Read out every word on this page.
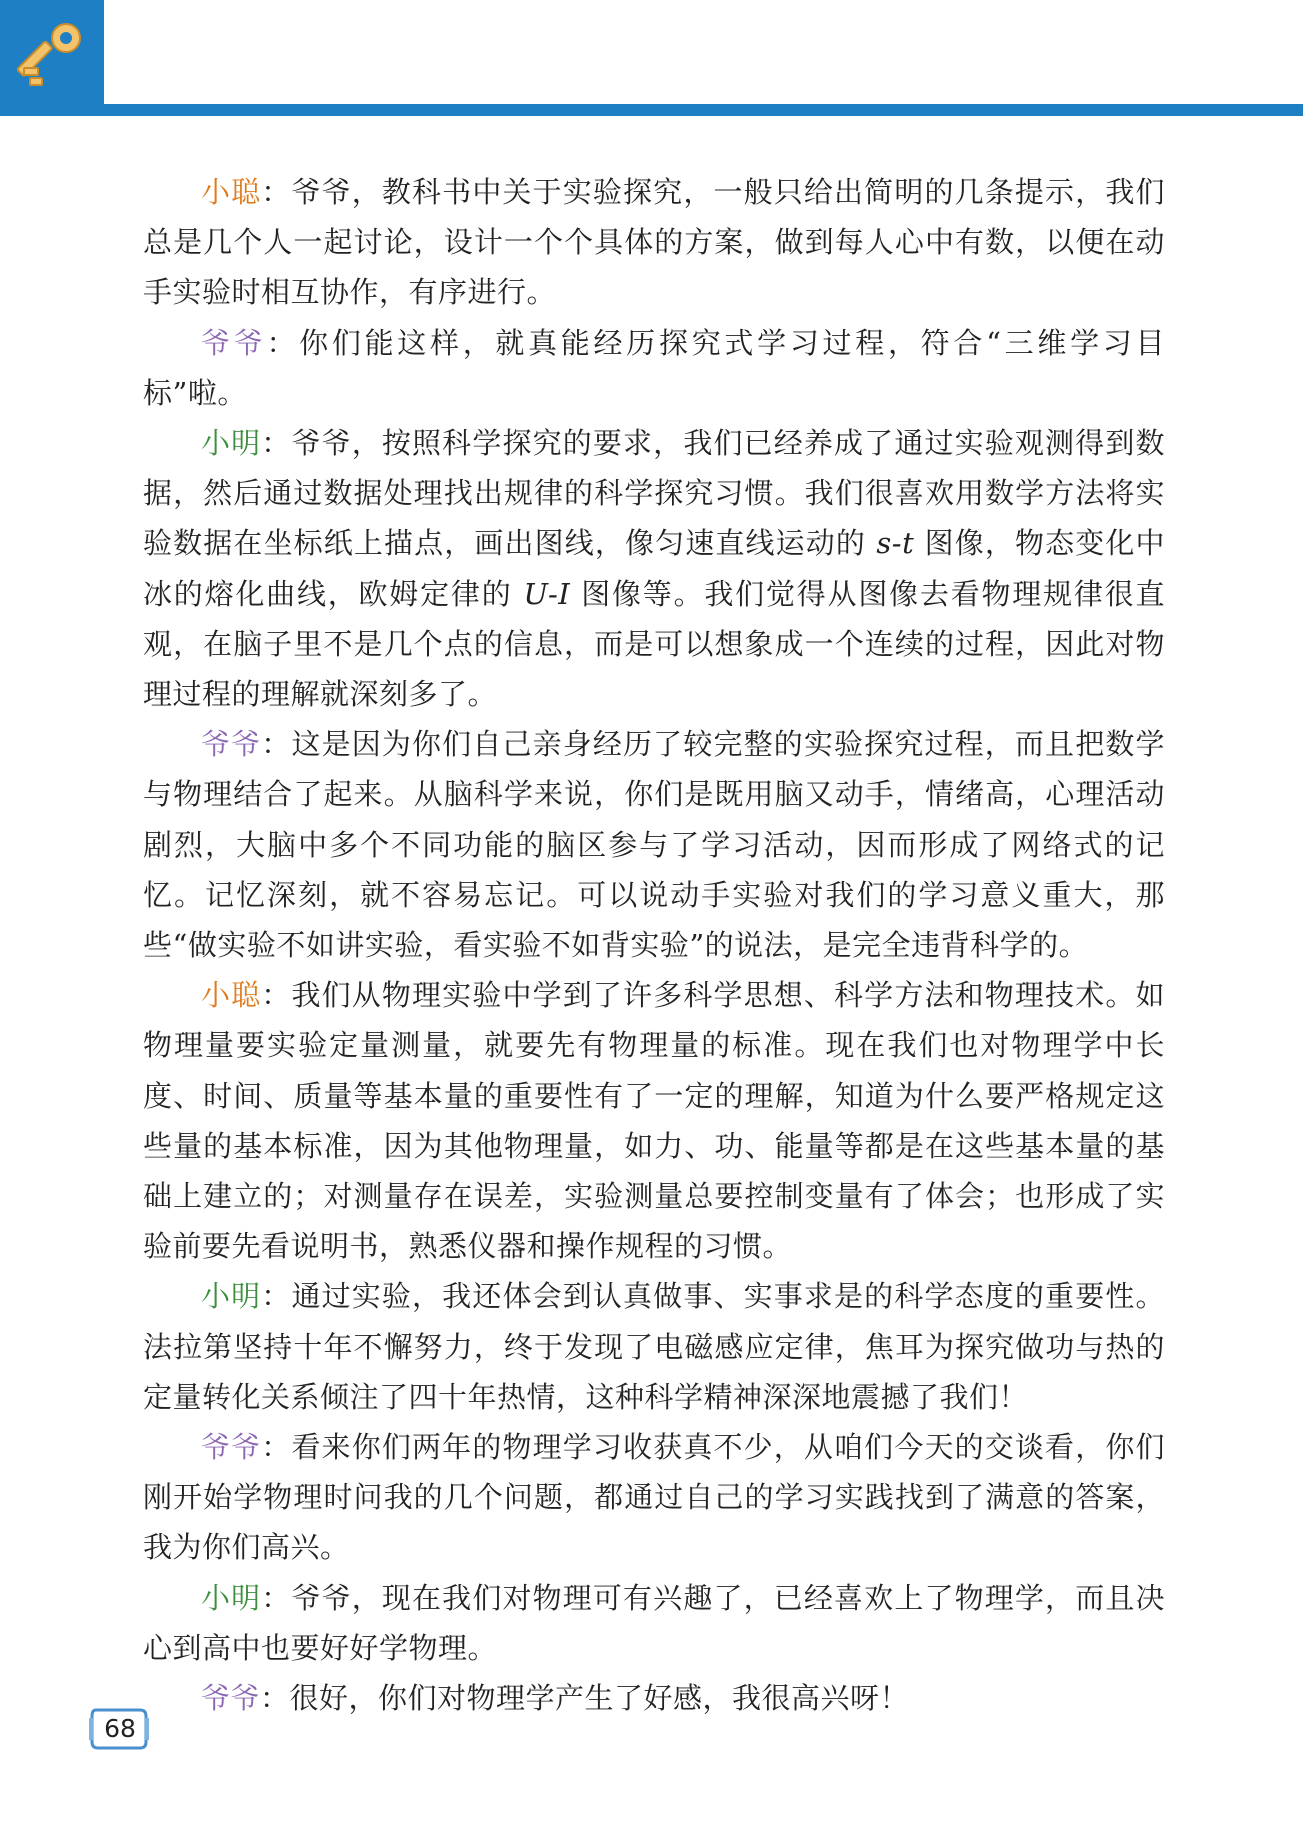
小聪：爷爷，教科书中关于实验探究，一般只给出简明的几条提示，我们总是几个人一起讨论，设计一个个具体的方案，做到每人心中有数，以便在动手实验时相互协作，有序进行。

爷爷：你们能这样，就真能经历探究式学习过程，符合“三维学习目标”啦。

小明：爷爷，按照科学探究的要求，我们已经养成了通过实验观测得到数据，然后通过数据处理找出规律的科学探究习惯。我们很喜欢用数学方法将实验数据在坐标纸上描点，画出图线，像匀速直线运动的 s-t 图像，物态变化中冰的熔化曲线，欧姆定律的 U-I 图像等。我们觉得从图像去看物理规律很直观，在脑子里不是几个点的信息，而是可以想象成一个连续的过程，因此对物理过程的理解就深刻多了。

爷爷：这是因为你们自己亲身经历了较完整的实验探究过程，而且把数学与物理结合了起来。从脑科学来说，你们是既用脑又动手，情绪高，心理活动剧烈，大脑中多个不同功能的脑区参与了学习活动，因而形成了网络式的记忆。记忆深刻，就不容易忘记。可以说动手实验对我们的学习意义重大，那些“做实验不如讲实验，看实验不如背实验”的说法，是完全违背科学的。

小聪：我们从物理实验中学到了许多科学思想、科学方法和物理技术。如物理量要实验定量测量，就要先有物理量的标准。现在我们也对物理学中长度、时间、质量等基本量的重要性有了一定的理解，知道为什么要严格规定这些量的基本标准，因为其他物理量，如力、功、能量等都是在这些基本量的基础上建立的；对测量存在误差，实验测量总要控制变量有了体会；也形成了实验前要先看说明书，熟悉仪器和操作规程的习惯。

小明：通过实验，我还体会到认真做事、实事求是的科学态度的重要性。法拉第坚持十年不懈努力，终于发现了电磁感应定律，焦耳为探究做功与热的定量转化关系倾注了四十年热情，这种科学精神深深地震撼了我们！

爷爷：看来你们两年的物理学习收获真不少，从咱们今天的交谈看，你们刚开始学物理时问我的几个问题，都通过自己的学习实践找到了满意的答案，我为你们高兴。

小明：爷爷，现在我们对物理可有兴趣了，已经喜欢上了物理学，而且决心到高中也要好好学物理。

爷爷：很好，你们对物理学产生了好感，我很高兴呀！

68
